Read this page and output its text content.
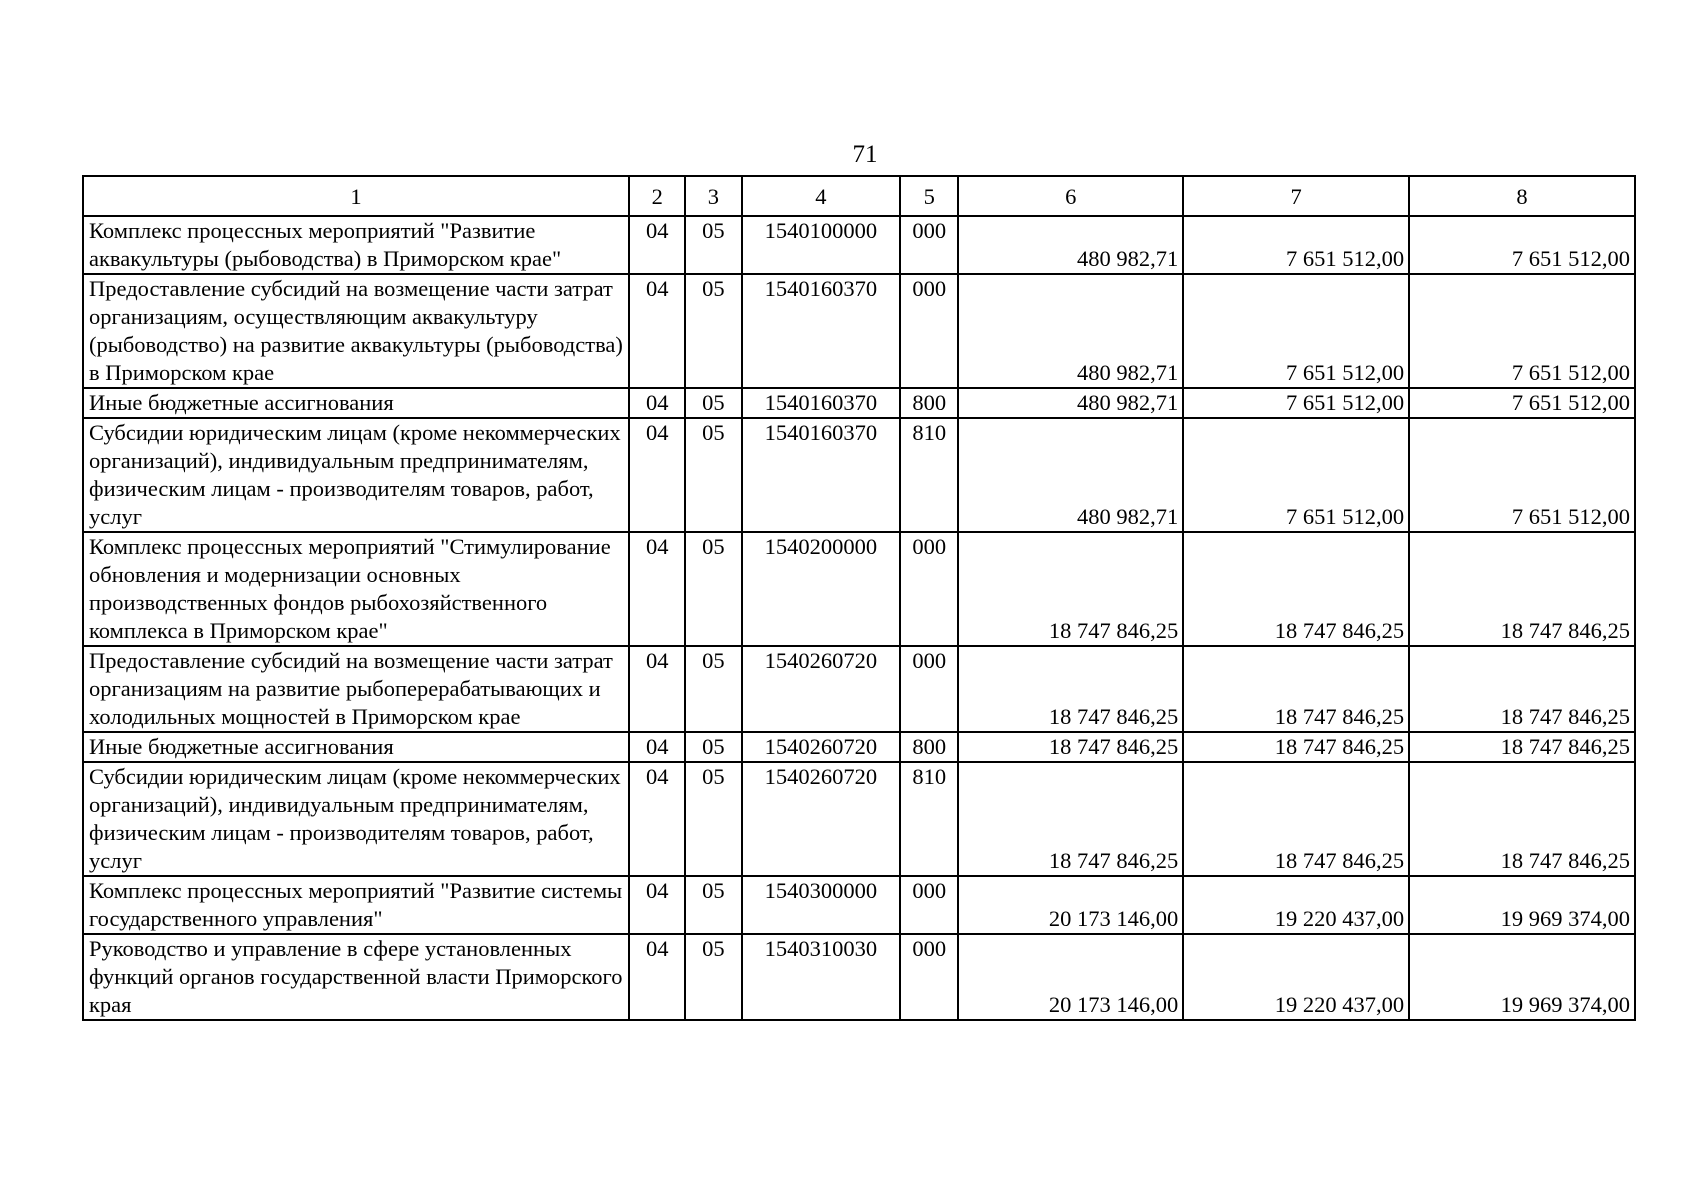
71
1	2	3	4	5	6	7	8
Комплекс процессных мероприятий "Развитие аквакультуры (рыбоводства) в Приморском крае"	04	05	1540100000	000	480 982,71	7 651 512,00	7 651 512,00
Предоставление субсидий на возмещение части затрат организациям, осуществляющим аквакультуру (рыбоводство) на развитие аквакультуры (рыбоводства) в Приморском крае	04	05	1540160370	000	480 982,71	7 651 512,00	7 651 512,00
Иные бюджетные ассигнования	04	05	1540160370	800	480 982,71	7 651 512,00	7 651 512,00
Субсидии юридическим лицам (кроме некоммерческих организаций), индивидуальным предпринимателям, физическим лицам - производителям товаров, работ, услуг	04	05	1540160370	810	480 982,71	7 651 512,00	7 651 512,00
Комплекс процессных мероприятий "Стимулирование обновления и модернизации основных производственных фондов рыбохозяйственного комплекса в Приморском крае"	04	05	1540200000	000	18 747 846,25	18 747 846,25	18 747 846,25
Предоставление субсидий на возмещение части затрат организациям на развитие рыбоперерабатывающих и холодильных мощностей в Приморском крае	04	05	1540260720	000	18 747 846,25	18 747 846,25	18 747 846,25
Иные бюджетные ассигнования	04	05	1540260720	800	18 747 846,25	18 747 846,25	18 747 846,25
Субсидии юридическим лицам (кроме некоммерческих организаций), индивидуальным предпринимателям, физическим лицам - производителям товаров, работ, услуг	04	05	1540260720	810	18 747 846,25	18 747 846,25	18 747 846,25
Комплекс процессных мероприятий "Развитие системы государственного управления"	04	05	1540300000	000	20 173 146,00	19 220 437,00	19 969 374,00
Руководство и управление в сфере установленных функций органов государственной власти Приморского края	04	05	1540310030	000	20 173 146,00	19 220 437,00	19 969 374,00
